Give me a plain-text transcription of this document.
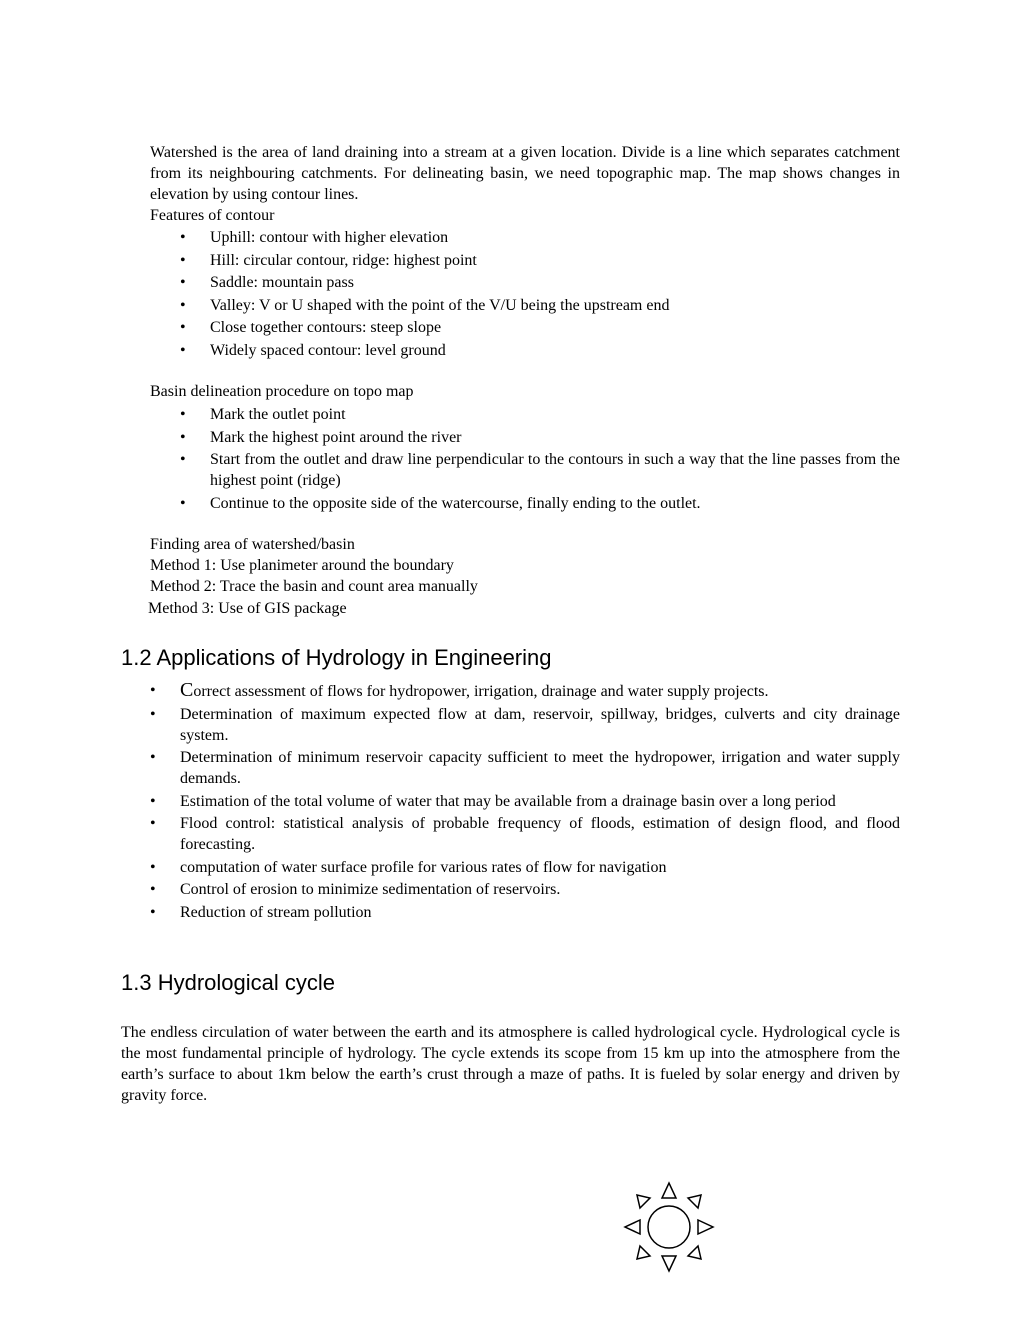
Watershed is the area of land draining into a stream at a given location. Divide is a line which separates catchment from its neighbouring catchments. For delineating basin, we need topographic map. The map shows changes in elevation by using contour lines.
Features of contour
• Uphill: contour with higher elevation
• Hill: circular contour, ridge: highest point
• Saddle: mountain pass
• Valley: V or U shaped with the point of the V/U being the upstream end
• Close together contours: steep slope
• Widely spaced contour: level ground
Basin delineation procedure on topo map
• Mark the outlet point
• Mark the highest point around the river
• Start from the outlet and draw line perpendicular to the contours in such a way that the line passes from the highest point (ridge)
• Continue to the opposite side of the watercourse, finally ending to the outlet.
Finding area of watershed/basin
Method 1: Use planimeter around the boundary
Method 2: Trace the basin and count area manually
Method 3: Use of GIS package
1.2 Applications of Hydrology in Engineering
• Correct assessment of flows for hydropower, irrigation, drainage and water supply projects.
• Determination of maximum expected flow at dam, reservoir, spillway, bridges, culverts and city drainage system.
• Determination of minimum reservoir capacity sufficient to meet the hydropower, irrigation and water supply demands.
• Estimation of the total volume of water that may be available from a drainage basin over a long period
• Flood control: statistical analysis of probable frequency of floods, estimation of design flood, and flood forecasting.
• computation of water surface profile for various rates of flow for navigation
• Control of erosion to minimize sedimentation of reservoirs.
• Reduction of stream pollution
1.3 Hydrological cycle
The endless circulation of water between the earth and its atmosphere is called hydrological cycle. Hydrological cycle is the most fundamental principle of hydrology. The cycle extends its scope from 15 km up into the atmosphere from the earth’s surface to about 1km below the earth’s crust through a maze of paths. It is fueled by solar energy and driven by gravity force.
